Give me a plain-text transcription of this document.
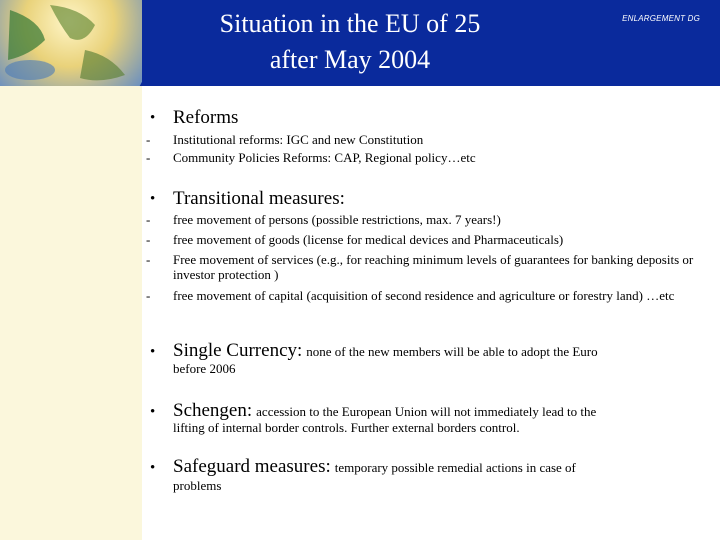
Situation in the EU of 25
after May 2004
ENLARGEMENT DG
• Reforms
- Institutional reforms: IGC and new Constitution
- Community Policies Reforms: CAP, Regional policy…etc
• Transitional measures:
- free movement of persons (possible restrictions, max. 7 years!)
- free movement of goods (license for medical devices and Pharmaceuticals)
- Free movement of services (e.g., for reaching minimum levels of guarantees for banking deposits or investor protection )
- free movement of capital (acquisition of second residence and agriculture or forestry land) …etc
• Single Currency: none of the new members will be able to adopt the Euro
before 2006
• Schengen: accession to the European Union will not immediately lead to the
lifting of internal border controls. Further external borders control.
• Safeguard measures: temporary possible remedial actions in case of
problems
